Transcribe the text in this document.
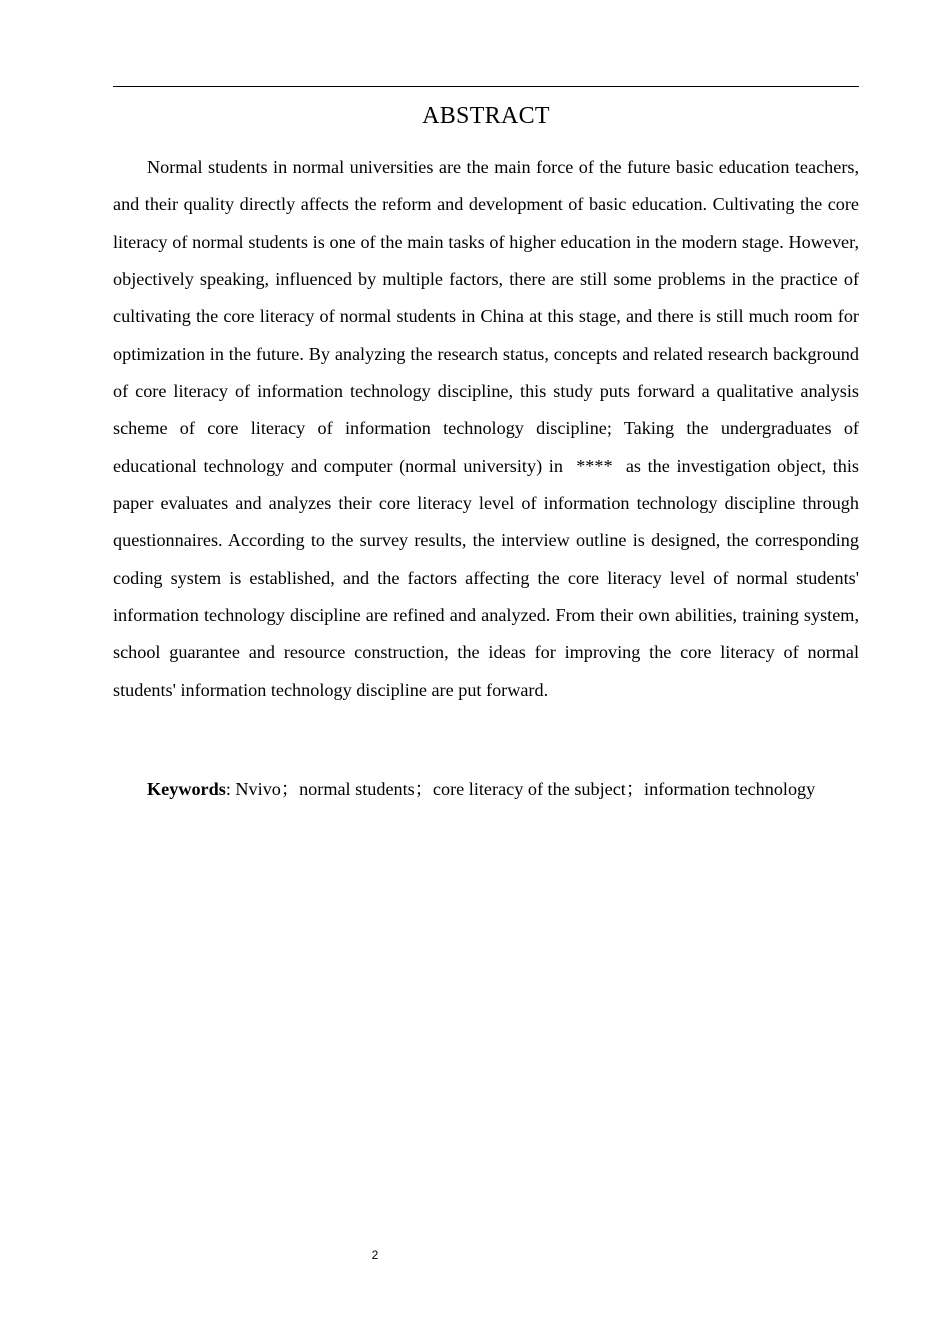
ABSTRACT

Normal students in normal universities are the main force of the future basic education teachers, and their quality directly affects the reform and development of basic education. Cultivating the core literacy of normal students is one of the main tasks of higher education in the modern stage. However, objectively speaking, influenced by multiple factors, there are still some problems in the practice of cultivating the core literacy of normal students in China at this stage, and there is still much room for optimization in the future. By analyzing the research status, concepts and related research background of core literacy of information technology discipline, this study puts forward a qualitative analysis scheme of core literacy of information technology discipline; Taking the undergraduates of educational technology and computer (normal university) in  ****  as the investigation object, this paper evaluates and analyzes their core literacy level of information technology discipline through questionnaires. According to the survey results, the interview outline is designed, the corresponding coding system is established, and the factors affecting the core literacy level of normal students' information technology discipline are refined and analyzed. From their own abilities, training system, school guarantee and resource construction, the ideas for improving the core literacy of normal students' information technology discipline are put forward.

Keywords: Nvivo；normal students；core literacy of the subject；information technology

2
